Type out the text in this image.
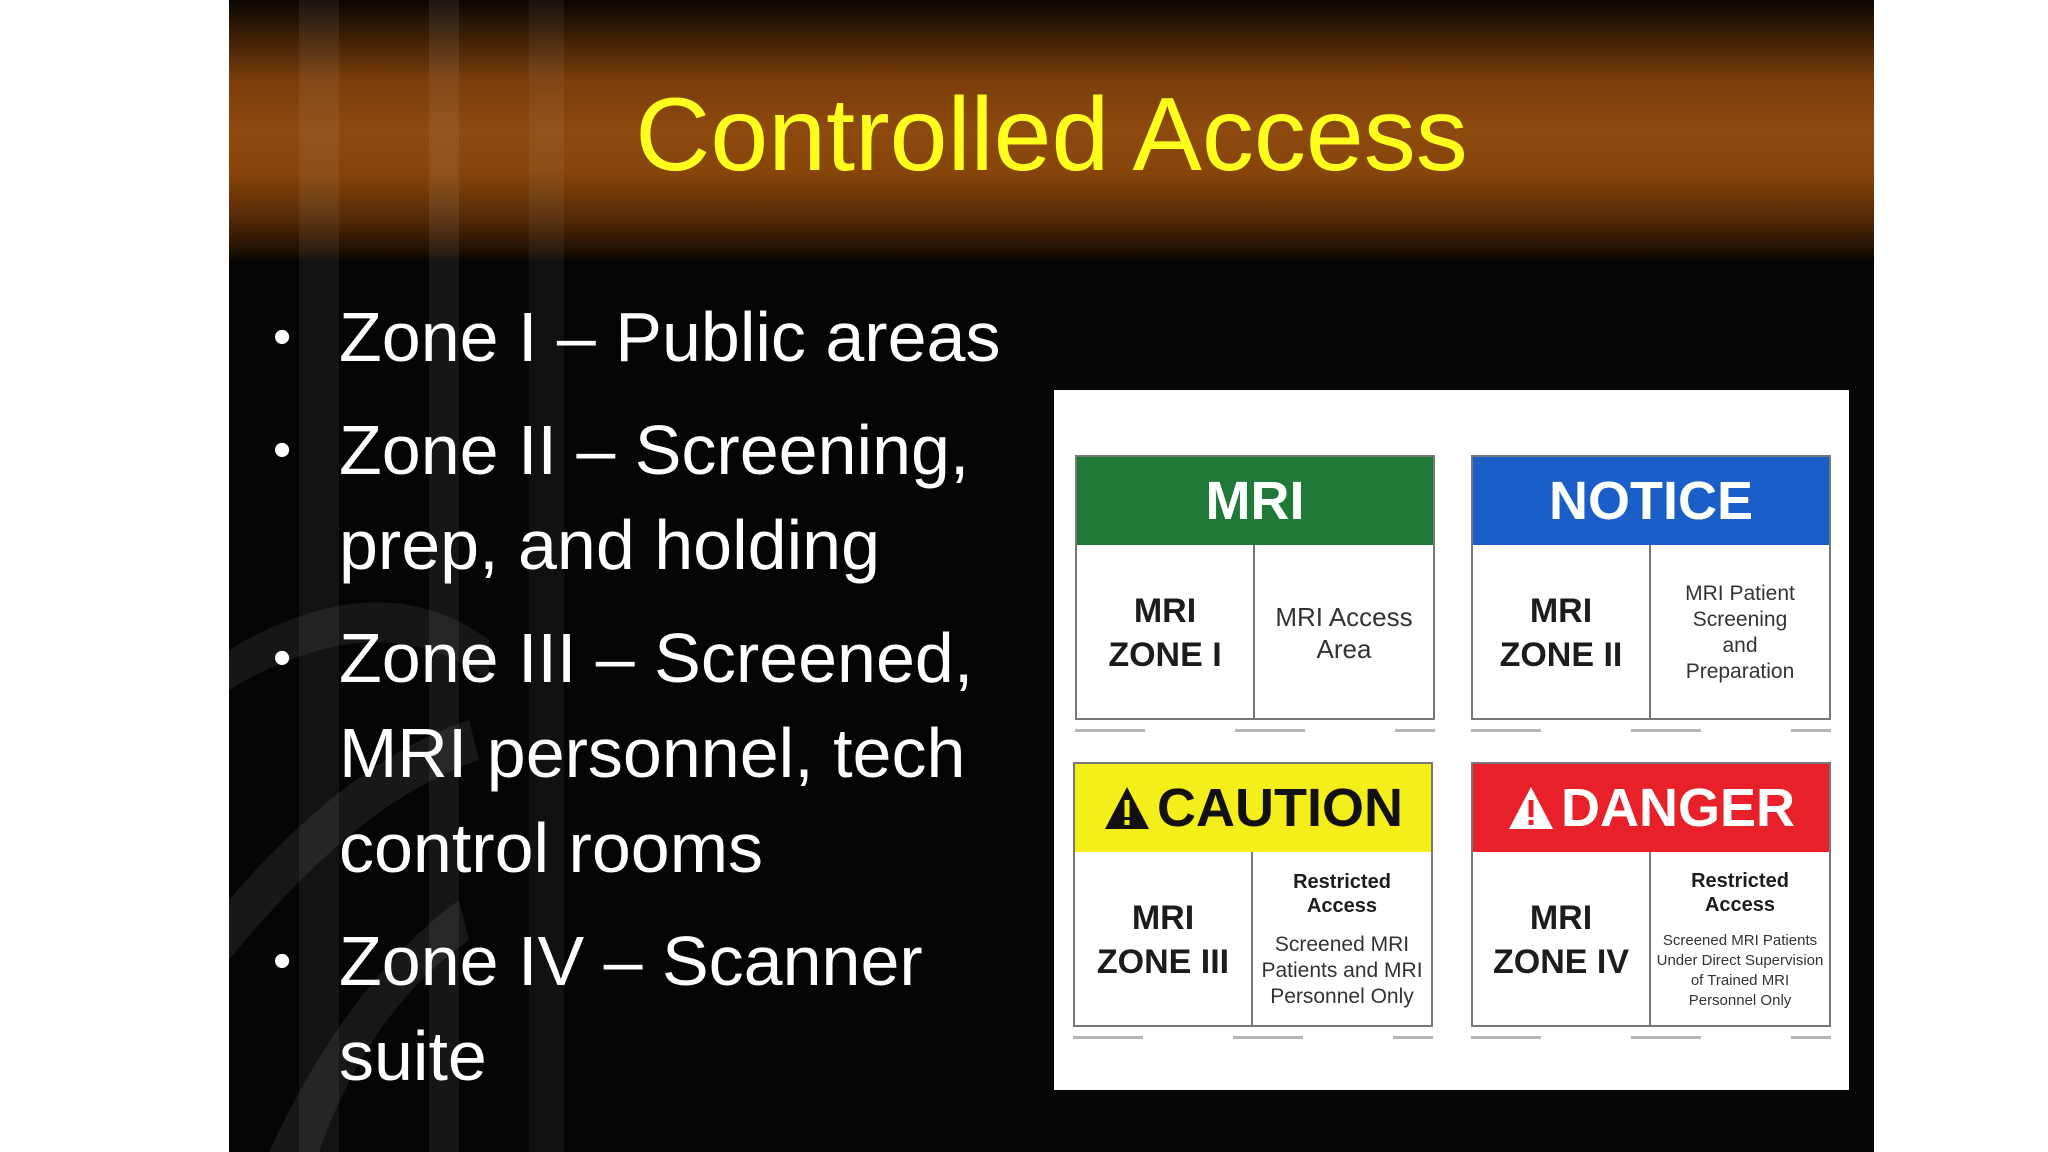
Controlled Access
• Zone I – Public areas
• Zone II – Screening, prep, and holding
• Zone III – Screened, MRI personnel, tech control rooms
• Zone IV – Scanner suite
MRI
MRI
ZONE I
MRI Access
Area
NOTICE
MRI
ZONE II
MRI Patient
Screening
and
Preparation
CAUTION
MRI
ZONE III
Restricted Access
Screened MRI
Patients and MRI
Personnel Only
DANGER
MRI
ZONE IV
Restricted Access
Screened MRI Patients
Under Direct Supervision
of Trained MRI
Personnel Only
